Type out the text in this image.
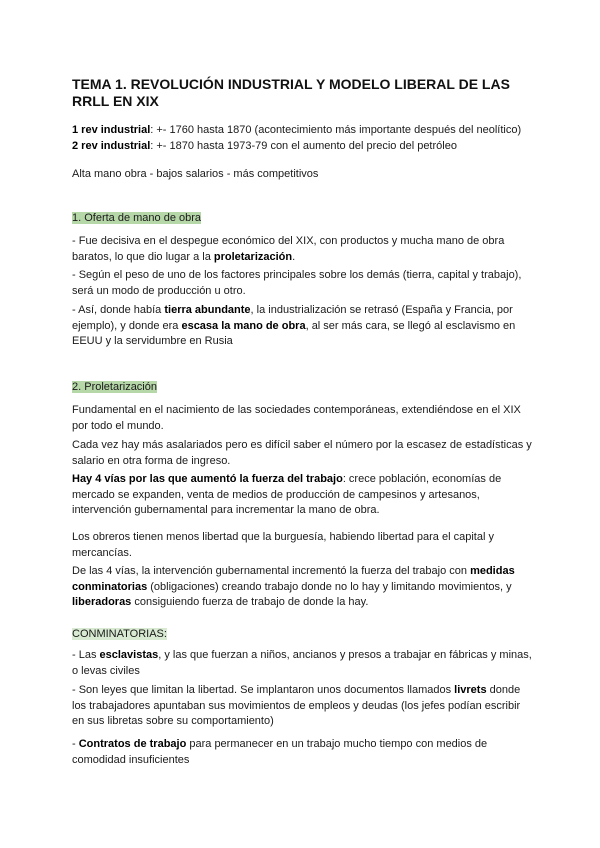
TEMA 1. REVOLUCIÓN INDUSTRIAL Y MODELO LIBERAL DE LAS RRLL EN XIX
1 rev industrial: +- 1760 hasta 1870 (acontecimiento más importante después del neolítico)
2 rev industrial: +- 1870 hasta 1973-79 con el aumento del precio del petróleo
Alta mano obra - bajos salarios - más competitivos
1. Oferta de mano de obra
- Fue decisiva en el despegue económico del XIX, con productos y mucha mano de obra baratos, lo que dio lugar a la proletarización.
- Según el peso de uno de los factores principales sobre los demás (tierra, capital y trabajo), será un modo de producción u otro.
- Así, donde había tierra abundante, la industrialización se retrasó (España y Francia, por ejemplo), y donde era escasa la mano de obra, al ser más cara, se llegó al esclavismo en EEUU y la servidumbre en Rusia
2. Proletarización
Fundamental en el nacimiento de las sociedades contemporáneas, extendiéndose en el XIX por todo el mundo.
Cada vez hay más asalariados pero es difícil saber el número por la escasez de estadísticas y salario en otra forma de ingreso.
Hay 4 vías por las que aumentó la fuerza del trabajo: crece población, economías de mercado se expanden, venta de medios de producción de campesinos y artesanos, intervención gubernamental para incrementar la mano de obra.
Los obreros tienen menos libertad que la burguesía, habiendo libertad para el capital y mercancías.
De las 4 vías, la intervención gubernamental incrementó la fuerza del trabajo con medidas conminatorias (obligaciones) creando trabajo donde no lo hay y limitando movimientos, y liberadoras consiguiendo fuerza de trabajo de donde la hay.
CONMINATORIAS:
- Las esclavistas, y las que fuerzan a niños, ancianos y presos a trabajar en fábricas y minas, o levas civiles
- Son leyes que limitan la libertad. Se implantaron unos documentos llamados livrets donde los trabajadores apuntaban sus movimientos de empleos y deudas (los jefes podían escribir en sus libretas sobre su comportamiento)
- Contratos de trabajo para permanecer en un trabajo mucho tiempo con medios de comodidad insuficientes
